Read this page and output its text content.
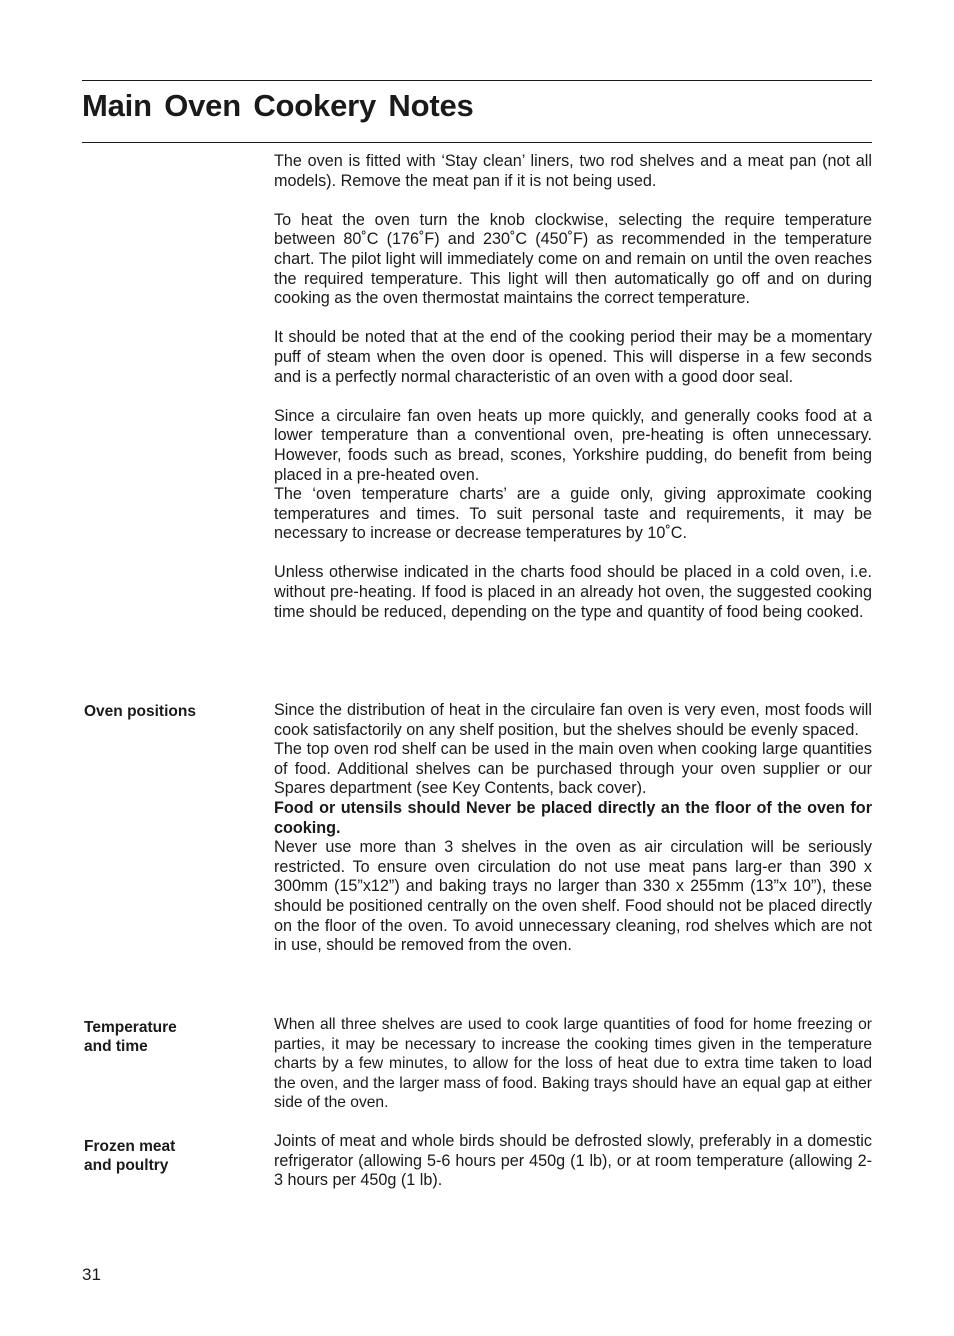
Main Oven Cookery Notes

The oven is fitted with ‘Stay clean’ liners, two rod shelves and a meat pan (not all models). Remove the meat pan if it is not being used.

To heat the oven turn the knob clockwise, selecting the require temperature between 80˚C (176˚F) and 230˚C (450˚F) as recommended in the temperature chart. The pilot light will immediately come on and remain on until the oven reaches the required temperature. This light will then automatically go off and on during cooking as the oven thermostat maintains the correct temperature.

It should be noted that at the end of the cooking period their may be a momentary puff of steam when the oven door is opened. This will disperse in a few seconds and is a perfectly normal characteristic of an oven with a good door seal.

Since a circulaire fan oven heats up more quickly, and generally cooks food at a lower temperature than a conventional oven, pre-heating is often unnecessary. However, foods such as bread, scones, Yorkshire pudding, do benefit from being placed in a pre-heated oven.

The ‘oven temperature charts’ are a guide only, giving approximate cooking temperatures and times. To suit personal taste and requirements, it may be necessary to increase or decrease temperatures by 10˚C.

Unless otherwise indicated in the charts food should be placed in a cold oven, i.e. without pre-heating. If food is placed in an already hot oven, the suggested cooking time should be reduced, depending on the type and quantity of food being cooked.

Oven positions	Since the distribution of heat in the circulaire fan oven is very even, most foods will cook satisfactorily on any shelf position, but the shelves should be evenly spaced.

The top oven rod shelf can be used in the main oven when cooking large quantities of food. Additional shelves can be purchased through your oven supplier or our Spares department (see Key Contents, back cover).

Food or utensils should Never be placed directly an the floor of the oven for cooking.

Never use more than 3 shelves in the oven as air circulation will be seriously restricted. To ensure oven circulation do not use meat pans larg-er than 390 x 300mm (15”x12”) and baking trays no larger than 330 x 255mm (13”x 10”), these should be positioned centrally on the oven shelf. Food should not be placed directly on the floor of the oven. To avoid unnecessary cleaning, rod shelves which are not in use, should be removed from the oven.

Temperature
and time

When all three shelves are used to cook large quantities of food for home freezing or parties, it may be necessary to increase the cooking times given in the temperature charts by a few minutes, to allow for the loss of heat due to extra time taken to load the oven, and the larger mass of food. Baking trays should have an equal gap at either side of the oven.

Frozen meat
and poultry

Joints of meat and whole birds should be defrosted slowly, preferably in a domestic refrigerator (allowing 5-6 hours per 450g (1 lb), or at room temperature (allowing 2-3 hours per 450g (1 lb).

31
